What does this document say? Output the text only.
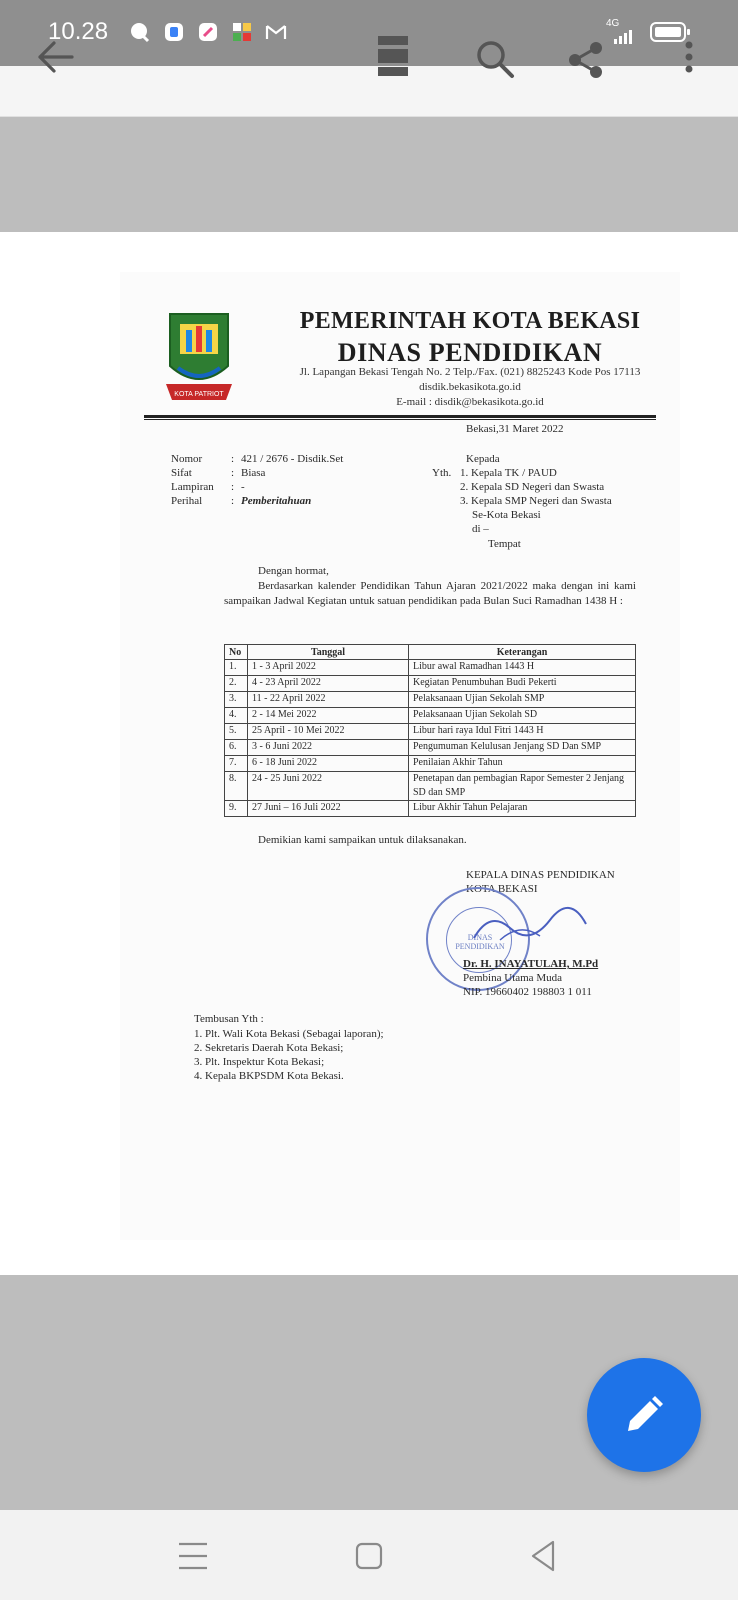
10.28	4G
KOTA PATRIOT
PEMERINTAH KOTA BEKASI
DINAS PENDIDIKAN
Jl. Lapangan Bekasi Tengah No. 2 Telp./Fax. (021) 8825243 Kode Pos 17113
disdik.bekasikota.go.id
E-mail : disdik@bekasikota.go.id
Bekasi,31 Maret 2022
Nomor	: 421 / 2676 - Disdik.Set
Sifat	: Biasa
Lampiran : -
Perihal	: Pemberitahuan
Kepada
Yth. 1. Kepala TK / PAUD
2. Kepala SD Negeri dan Swasta
3. Kepala SMP Negeri dan Swasta
Se-Kota Bekasi
di –
Tempat
Dengan hormat,
Berdasarkan kalender Pendidikan Tahun Ajaran 2021/2022 maka dengan ini kami sampaikan Jadwal Kegiatan untuk satuan pendidikan pada Bulan Suci Ramadhan 1438 H :
No	Tanggal	Keterangan
1.	1 - 3 April 2022	Libur awal Ramadhan 1443 H
2.	4 - 23 April 2022	Kegiatan Penumbuhan Budi Pekerti
3.	11 - 22 April 2022	Pelaksanaan Ujian Sekolah SMP
4.	2 - 14 Mei 2022	Pelaksanaan Ujian Sekolah SD
5.	25 April - 10 Mei 2022	Libur hari raya Idul Fitri 1443 H
6.	3 - 6 Juni 2022	Pengumuman Kelulusan Jenjang SD Dan SMP
7.	6 - 18 Juni 2022	Penilaian Akhir Tahun
8.	24 - 25 Juni 2022	Penetapan dan pembagian Rapor Semester 2 Jenjang SD dan SMP
9.	27 Juni – 16 Juli 2022	Libur Akhir Tahun Pelajaran
Demikian kami sampaikan untuk dilaksanakan.
KEPALA DINAS PENDIDIKAN
KOTA BEKASI
DINAS PENDIDIKAN
Dr. H. INAYATULAH, M.Pd
Pembina Utama Muda
NIP. 19660402 198803 1 011
Tembusan Yth :
1. Plt. Wali Kota Bekasi (Sebagai laporan);
2. Sekretaris Daerah Kota Bekasi;
3. Plt. Inspektur Kota Bekasi;
4. Kepala BKPSDM Kota Bekasi.
